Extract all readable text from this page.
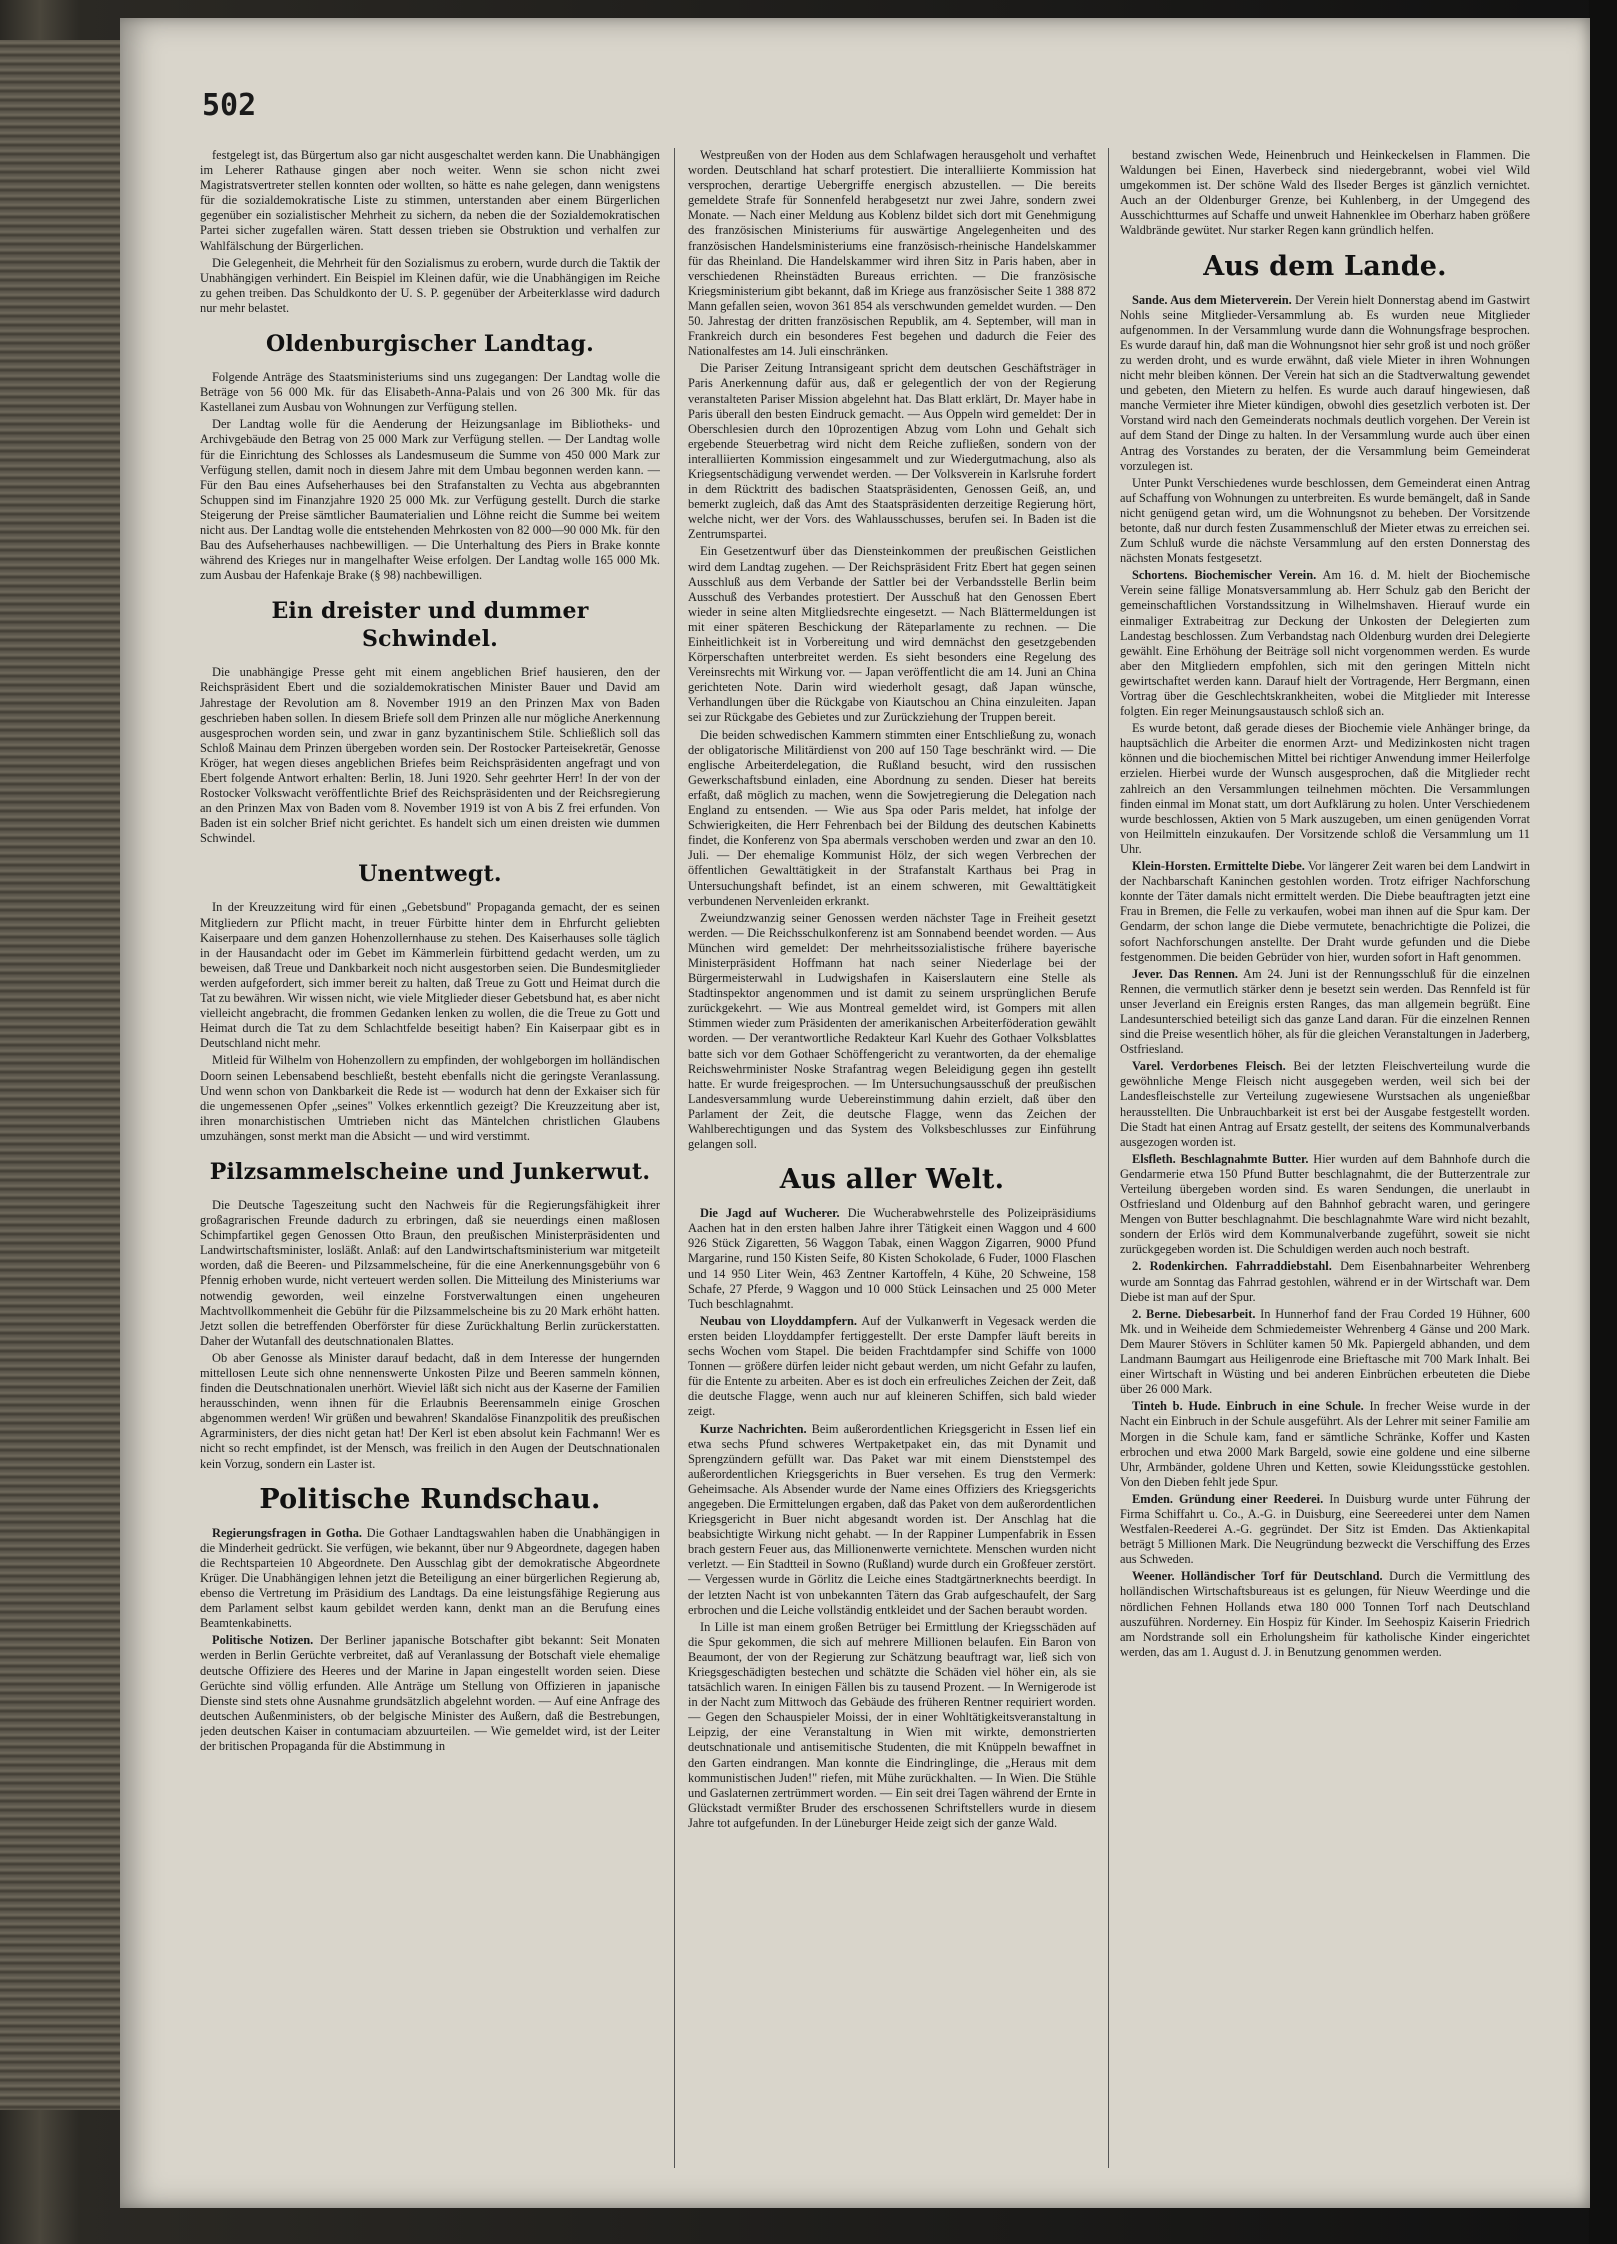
502

festgelegt ist, das Bürgertum also gar nicht ausgeschaltet werden kann. Die Unabhängigen im Leherer Rathause gingen aber noch weiter. Wenn sie schon nicht zwei Magistratsvertreter stellen konnten oder wollten, so hätte es nahe gelegen, dann wenigstens für die sozialdemokratische Liste zu stimmen, unterstanden aber einem Bürgerlichen gegenüber ein sozialistischer Mehrheit zu sichern, da neben die der Sozialdemokratischen Partei sicher zugefallen wären. Statt dessen trieben sie Obstruktion und verhalfen zur Wahlfälschung der Bürgerlichen.

Die Gelegenheit, die Mehrheit für den Sozialismus zu erobern, wurde durch die Taktik der Unabhängigen verhindert. Ein Beispiel im Kleinen dafür, wie die Unabhängigen im Reiche zu gehen treiben. Das Schuldkonto der U. S. P. gegenüber der Arbeiterklasse wird dadurch nur mehr belastet.

Oldenburgischer Landtag.

Folgende Anträge des Staatsministeriums sind uns zugegangen: Der Landtag wolle die Beträge von 56 000 Mk. für das Elisabeth-Anna-Palais und von 26 300 Mk. für das Kastellanei zum Ausbau von Wohnungen zur Verfügung stellen.

Der Landtag wolle für die Aenderung der Heizungsanlage im Bibliotheks- und Archivgebäude den Betrag von 25 000 Mark zur Verfügung stellen. — Der Landtag wolle für die Einrichtung des Schlosses als Landesmuseum die Summe von 450 000 Mark zur Verfügung stellen, damit noch in diesem Jahre mit dem Umbau begonnen werden kann. — Für den Bau eines Aufseherhauses bei den Strafanstalten zu Vechta aus abgebrannten Schuppen sind im Finanzjahre 1920 25 000 Mk. zur Verfügung gestellt. Durch die starke Steigerung der Preise sämtlicher Baumaterialien und Löhne reicht die Summe bei weitem nicht aus. Der Landtag wolle die entstehenden Mehrkosten von 82 000—90 000 Mk. für den Bau des Aufseherhauses nachbewilligen. — Die Unterhaltung des Piers in Brake konnte während des Krieges nur in mangelhafter Weise erfolgen. Der Landtag wolle 165 000 Mk. zum Ausbau der Hafenkaje Brake (§ 98) nachbewilligen.

Ein dreister und dummer Schwindel.

Die unabhängige Presse geht mit einem angeblichen Brief hausieren, den der Reichspräsident Ebert und die sozialdemokratischen Minister Bauer und David am Jahrestage der Revolution am 8. November 1919 an den Prinzen Max von Baden geschrieben haben sollen. In diesem Briefe soll dem Prinzen alle nur mögliche Anerkennung ausgesprochen worden sein, und zwar in ganz byzantinischem Stile. Schließlich soll das Schloß Mainau dem Prinzen übergeben worden sein. Der Rostocker Parteisekretär, Genosse Kröger, hat wegen dieses angeblichen Briefes beim Reichspräsidenten angefragt und von Ebert folgende Antwort erhalten: Berlin, 18. Juni 1920. Sehr geehrter Herr! In der von der Rostocker Volkswacht veröffentlichte Brief des Reichspräsidenten und der Reichsregierung an den Prinzen Max von Baden vom 8. November 1919 ist von A bis Z frei erfunden. Von Baden ist ein solcher Brief nicht gerichtet. Es handelt sich um einen dreisten wie dummen Schwindel.

Unentwegt.

In der Kreuzzeitung wird für einen „Gebetsbund" Propaganda gemacht, der es seinen Mitgliedern zur Pflicht macht, in treuer Fürbitte hinter dem in Ehrfurcht geliebten Kaiserpaare und dem ganzen Hohenzollernhause zu stehen. Des Kaiserhauses solle täglich in der Hausandacht oder im Gebet im Kämmerlein fürbittend gedacht werden, um zu beweisen, daß Treue und Dankbarkeit noch nicht ausgestorben seien. Die Bundesmitglieder werden aufgefordert, sich immer bereit zu halten, daß Treue zu Gott und Heimat durch die Tat zu bewähren. Wir wissen nicht, wie viele Mitglieder dieser Gebetsbund hat, es aber nicht vielleicht angebracht, die frommen Gedanken lenken zu wollen, die die Treue zu Gott und Heimat durch die Tat zu dem Schlachtfelde beseitigt haben? Ein Kaiserpaar gibt es in Deutschland nicht mehr.

Mitleid für Wilhelm von Hohenzollern zu empfinden, der wohlgeborgen im holländischen Doorn seinen Lebensabend beschließt, besteht ebenfalls nicht die geringste Veranlassung. Und wenn schon von Dankbarkeit die Rede ist — wodurch hat denn der Exkaiser sich für die ungemessenen Opfer „seines" Volkes erkenntlich gezeigt? Die Kreuzzeitung aber ist, ihren monarchistischen Umtrieben nicht das Mäntelchen christlichen Glaubens umzuhängen, sonst merkt man die Absicht — und wird verstimmt.

Pilzsammelscheine und Junkerwut.

Die Deutsche Tageszeitung sucht den Nachweis für die Regierungsfähigkeit ihrer großagrarischen Freunde dadurch zu erbringen, daß sie neuerdings einen maßlosen Schimpfartikel gegen Genossen Otto Braun, den preußischen Ministerpräsidenten und Landwirtschaftsminister, losläßt. Anlaß: auf den Landwirtschaftsministerium war mitgeteilt worden, daß die Beeren- und Pilzsammelscheine, für die eine Anerkennungsgebühr von 6 Pfennig erhoben wurde, nicht verteuert werden sollen. Die Mitteilung des Ministeriums war notwendig geworden, weil einzelne Forstverwaltungen einen ungeheuren Machtvollkommenheit die Gebühr für die Pilzsammelscheine bis zu 20 Mark erhöht hatten. Jetzt sollen die betreffenden Oberförster für diese Zurückhaltung Berlin zurückerstatten. Daher der Wutanfall des deutschnationalen Blattes.

Ob aber Genosse als Minister darauf bedacht, daß in dem Interesse der hungernden mittellosen Leute sich ohne nennenswerte Unkosten Pilze und Beeren sammeln können, finden die Deutschnationalen unerhört. Wieviel läßt sich nicht aus der Kaserne der Familien herausschinden, wenn ihnen für die Erlaubnis Beerensammeln einige Groschen abgenommen werden! Wir grüßen und bewahren! Skandalöse Finanzpolitik des preußischen Agrarministers, der dies nicht getan hat! Der Kerl ist eben absolut kein Fachmann! Wer es nicht so recht empfindet, ist der Mensch, was freilich in den Augen der Deutschnationalen kein Vorzug, sondern ein Laster ist.

Politische Rundschau.

Regierungsfragen in Gotha. Die Gothaer Landtagswahlen haben die Unabhängigen in die Minderheit gedrückt. Sie verfügen, wie bekannt, über nur 9 Abgeordnete, dagegen haben die Rechtsparteien 10 Abgeordnete. Den Ausschlag gibt der demokratische Abgeordnete Krüger. Die Unabhängigen lehnen jetzt die Beteiligung an einer bürgerlichen Regierung ab, ebenso die Vertretung im Präsidium des Landtags. Da eine leistungsfähige Regierung aus dem Parlament selbst kaum gebildet werden kann, denkt man an die Berufung eines Beamtenkabinetts.

Politische Notizen. Der Berliner japanische Botschafter gibt bekannt: Seit Monaten werden in Berlin Gerüchte verbreitet, daß auf Veranlassung der Botschaft viele ehemalige deutsche Offiziere des Heeres und der Marine in Japan eingestellt worden seien. Diese Gerüchte sind völlig erfunden. Alle Anträge um Stellung von Offizieren in japanische Dienste sind stets ohne Ausnahme grundsätzlich abgelehnt worden. — Auf eine Anfrage des deutschen Außenministers, ob der belgische Minister des Außern, daß die Bestrebungen, jeden deutschen Kaiser in contumaciam abzuurteilen. — Wie gemeldet wird, ist der Leiter der britischen Propaganda für die Abstimmung in

Westpreußen von der Hoden aus dem Schlafwagen herausgeholt und verhaftet worden. Deutschland hat scharf protestiert. Die interalliierte Kommission hat versprochen, derartige Uebergriffe energisch abzustellen. — Die bereits gemeldete Strafe für Sonnenfeld herabgesetzt nur zwei Jahre, sondern zwei Monate. — Nach einer Meldung aus Koblenz bildet sich dort mit Genehmigung des französischen Ministeriums für auswärtige Angelegenheiten und des französischen Handelsministeriums eine französisch-rheinische Handelskammer für das Rheinland. Die Handelskammer wird ihren Sitz in Paris haben, aber in verschiedenen Rheinstädten Bureaus errichten. — Die französische Kriegsministerium gibt bekannt, daß im Kriege aus französischer Seite 1 388 872 Mann gefallen seien, wovon 361 854 als verschwunden gemeldet wurden. — Den 50. Jahrestag der dritten französischen Republik, am 4. September, will man in Frankreich durch ein besonderes Fest begehen und dadurch die Feier des Nationalfestes am 14. Juli einschränken.

Die Pariser Zeitung Intransigeant spricht dem deutschen Geschäftsträger in Paris Anerkennung dafür aus, daß er gelegentlich der von der Regierung veranstalteten Pariser Mission abgelehnt hat. Das Blatt erklärt, Dr. Mayer habe in Paris überall den besten Eindruck gemacht. — Aus Oppeln wird gemeldet: Der in Oberschlesien durch den 10prozentigen Abzug vom Lohn und Gehalt sich ergebende Steuerbetrag wird nicht dem Reiche zufließen, sondern von der interalliierten Kommission eingesammelt und zur Wiedergutmachung, also als Kriegsentschädigung verwendet werden. — Der Volksverein in Karlsruhe fordert in dem Rücktritt des badischen Staatspräsidenten, Genossen Geiß, an, und bemerkt zugleich, daß das Amt des Staatspräsidenten derzeitige Regierung hört, welche nicht, wer der Vors. des Wahlausschusses, berufen sei. In Baden ist die Zentrumspartei.

Ein Gesetzentwurf über das Diensteinkommen der preußischen Geistlichen wird dem Landtag zugehen. — Der Reichspräsident Fritz Ebert hat gegen seinen Ausschluß aus dem Verbande der Sattler bei der Verbandsstelle Berlin beim Ausschuß des Verbandes protestiert. Der Ausschuß hat den Genossen Ebert wieder in seine alten Mitgliedsrechte eingesetzt. — Nach Blättermeldungen ist mit einer späteren Beschickung der Räteparlamente zu rechnen. — Die Einheitlichkeit ist in Vorbereitung und wird demnächst den gesetzgebenden Körperschaften unterbreitet werden. Es sieht besonders eine Regelung des Vereinsrechts mit Wirkung vor. — Japan veröffentlicht die am 14. Juni an China gerichteten Note. Darin wird wiederholt gesagt, daß Japan wünsche, Verhandlungen über die Rückgabe von Kiautschou an China einzuleiten. Japan sei zur Rückgabe des Gebietes und zur Zurückziehung der Truppen bereit.

Die beiden schwedischen Kammern stimmten einer Entschließung zu, wonach der obligatorische Militärdienst von 200 auf 150 Tage beschränkt wird. — Die englische Arbeiterdelegation, die Rußland besucht, wird den russischen Gewerkschaftsbund einladen, eine Abordnung zu senden. Dieser hat bereits erfaßt, daß möglich zu machen, wenn die Sowjetregierung die Delegation nach England zu entsenden. — Wie aus Spa oder Paris meldet, hat infolge der Schwierigkeiten, die Herr Fehrenbach bei der Bildung des deutschen Kabinetts findet, die Konferenz von Spa abermals verschoben werden und zwar an den 10. Juli. — Der ehemalige Kommunist Hölz, der sich wegen Verbrechen der öffentlichen Gewalttätigkeit in der Strafanstalt Karthaus bei Prag in Untersuchungshaft befindet, ist an einem schweren, mit Gewalttätigkeit verbundenen Nervenleiden erkrankt.

Zweiundzwanzig seiner Genossen werden nächster Tage in Freiheit gesetzt werden. — Die Reichsschulkonferenz ist am Sonnabend beendet worden. — Aus München wird gemeldet: Der mehrheitssozialistische frühere bayerische Ministerpräsident Hoffmann hat nach seiner Niederlage bei der Bürgermeisterwahl in Ludwigshafen in Kaiserslautern eine Stelle als Stadtinspektor angenommen und ist damit zu seinem ursprünglichen Berufe zurückgekehrt. — Wie aus Montreal gemeldet wird, ist Gompers mit allen Stimmen wieder zum Präsidenten der amerikanischen Arbeiterföderation gewählt worden. — Der verantwortliche Redakteur Karl Kuehr des Gothaer Volksblattes batte sich vor dem Gothaer Schöffengericht zu verantworten, da der ehemalige Reichswehrminister Noske Strafantrag wegen Beleidigung gegen ihn gestellt hatte. Er wurde freigesprochen. — Im Untersuchungsausschuß der preußischen Landesversammlung wurde Uebereinstimmung dahin erzielt, daß über den Parlament der Zeit, die deutsche Flagge, wenn das Zeichen der Wahlberechtigungen und das System des Volksbeschlusses zur Einführung gelangen soll.

Aus aller Welt.

Die Jagd auf Wucherer. Die Wucherabwehrstelle des Polizeipräsidiums Aachen hat in den ersten halben Jahre ihrer Tätigkeit einen Waggon und 4 600 926 Stück Zigaretten, 56 Waggon Tabak, einen Waggon Zigarren, 9000 Pfund Margarine, rund 150 Kisten Seife, 80 Kisten Schokolade, 6 Fuder, 1000 Flaschen und 14 950 Liter Wein, 463 Zentner Kartoffeln, 4 Kühe, 20 Schweine, 158 Schafe, 27 Pferde, 9 Waggon und 10 000 Stück Leinsachen und 25 000 Meter Tuch beschlagnahmt.

Neubau von Lloyddampfern. Auf der Vulkanwerft in Vegesack werden die ersten beiden Lloyddampfer fertiggestellt. Der erste Dampfer läuft bereits in sechs Wochen vom Stapel. Die beiden Frachtdampfer sind Schiffe von 1000 Tonnen — größere dürfen leider nicht gebaut werden, um nicht Gefahr zu laufen, für die Entente zu arbeiten. Aber es ist doch ein erfreuliches Zeichen der Zeit, daß die deutsche Flagge, wenn auch nur auf kleineren Schiffen, sich bald wieder zeigt.

Kurze Nachrichten. Beim außerordentlichen Kriegsgericht in Essen lief ein etwa sechs Pfund schweres Wertpaketpaket ein, das mit Dynamit und Sprengzündern gefüllt war. Das Paket war mit einem Dienststempel des außerordentlichen Kriegsgerichts in Buer versehen. Es trug den Vermerk: Geheimsache. Als Absender wurde der Name eines Offiziers des Kriegsgerichts angegeben. Die Ermittelungen ergaben, daß das Paket von dem außerordentlichen Kriegsgericht in Buer nicht abgesandt worden ist. Der Anschlag hat die beabsichtigte Wirkung nicht gehabt. — In der Rappiner Lumpenfabrik in Essen brach gestern Feuer aus, das Millionenwerte vernichtete. Menschen wurden nicht verletzt. — Ein Stadtteil in Sowno (Rußland) wurde durch ein Großfeuer zerstört. — Vergessen wurde in Görlitz die Leiche eines Stadtgärtnerknechts beerdigt. In der letzten Nacht ist von unbekannten Tätern das Grab aufgeschaufelt, der Sarg erbrochen und die Leiche vollständig entkleidet und der Sachen beraubt worden.

In Lille ist man einem großen Betrüger bei Ermittlung der Kriegsschäden auf die Spur gekommen, die sich auf mehrere Millionen belaufen. Ein Baron von Beaumont, der von der Regierung zur Schätzung beauftragt war, ließ sich von Kriegsgeschädigten bestechen und schätzte die Schäden viel höher ein, als sie tatsächlich waren. In einigen Fällen bis zu tausend Prozent. — In Wernigerode ist in der Nacht zum Mittwoch das Gebäude des früheren Rentner requiriert worden. — Gegen den Schauspieler Moissi, der in einer Wohltätigkeitsveranstaltung in Leipzig, der eine Veranstaltung in Wien mit wirkte, demonstrierten deutschnationale und antisemitische Studenten, die mit Knüppeln bewaffnet in den Garten eindrangen. Man konnte die Eindringlinge, die „Heraus mit dem kommunistischen Juden!" riefen, mit Mühe zurückhalten. — In Wien. Die Stühle und Gaslaternen zertrümmert worden. — Ein seit drei Tagen während der Ernte in Glückstadt vermißter Bruder des erschossenen Schriftstellers wurde in diesem Jahre tot aufgefunden. In der Lüneburger Heide zeigt sich der ganze Wald.

bestand zwischen Wede, Heinenbruch und Heinkeckelsen in Flammen. Die Waldungen bei Einen, Haverbeck sind niedergebrannt, wobei viel Wild umgekommen ist. Der schöne Wald des Ilseder Berges ist gänzlich vernichtet. Auch an der Oldenburger Grenze, bei Kuhlenberg, in der Umgegend des Ausschichtturmes auf Schaffe und unweit Hahnenklee im Oberharz haben größere Waldbrände gewütet. Nur starker Regen kann gründlich helfen.

Aus dem Lande.

Sande. Aus dem Mieterverein. Der Verein hielt Donnerstag abend im Gastwirt Nohls seine Mitglieder-Versammlung ab. Es wurden neue Mitglieder aufgenommen. In der Versammlung wurde dann die Wohnungsfrage besprochen. Es wurde darauf hin, daß man die Wohnungsnot hier sehr groß ist und noch größer zu werden droht, und es wurde erwähnt, daß viele Mieter in ihren Wohnungen nicht mehr bleiben können. Der Verein hat sich an die Stadtverwaltung gewendet und gebeten, den Mietern zu helfen. Es wurde auch darauf hingewiesen, daß manche Vermieter ihre Mieter kündigen, obwohl dies gesetzlich verboten ist. Der Vorstand wird nach den Gemeinderats nochmals deutlich vorgehen. Der Verein ist auf dem Stand der Dinge zu halten. In der Versammlung wurde auch über einen Antrag des Vorstandes zu beraten, der die Versammlung beim Gemeinderat vorzulegen ist.

Unter Punkt Verschiedenes wurde beschlossen, dem Gemeinderat einen Antrag auf Schaffung von Wohnungen zu unterbreiten. Es wurde bemängelt, daß in Sande nicht genügend getan wird, um die Wohnungsnot zu beheben. Der Vorsitzende betonte, daß nur durch festen Zusammenschluß der Mieter etwas zu erreichen sei. Zum Schluß wurde die nächste Versammlung auf den ersten Donnerstag des nächsten Monats festgesetzt.

Schortens. Biochemischer Verein. Am 16. d. M. hielt der Biochemische Verein seine fällige Monatsversammlung ab. Herr Schulz gab den Bericht der gemeinschaftlichen Vorstandssitzung in Wilhelmshaven. Hierauf wurde ein einmaliger Extrabeitrag zur Deckung der Unkosten der Delegierten zum Landestag beschlossen. Zum Verbandstag nach Oldenburg wurden drei Delegierte gewählt. Eine Erhöhung der Beiträge soll nicht vorgenommen werden. Es wurde aber den Mitgliedern empfohlen, sich mit den geringen Mitteln nicht gewirtschaftet werden kann. Darauf hielt der Vortragende, Herr Bergmann, einen Vortrag über die Geschlechtskrankheiten, wobei die Mitglieder mit Interesse folgten. Ein reger Meinungsaustausch schloß sich an.

Es wurde betont, daß gerade dieses der Biochemie viele Anhänger bringe, da hauptsächlich die Arbeiter die enormen Arzt- und Medizinkosten nicht tragen können und die biochemischen Mittel bei richtiger Anwendung immer Heilerfolge erzielen. Hierbei wurde der Wunsch ausgesprochen, daß die Mitglieder recht zahlreich an den Versammlungen teilnehmen möchten. Die Versammlungen finden einmal im Monat statt, um dort Aufklärung zu holen. Unter Verschiedenem wurde beschlossen, Aktien von 5 Mark auszugeben, um einen genügenden Vorrat von Heilmitteln einzukaufen. Der Vorsitzende schloß die Versammlung um 11 Uhr.

Klein-Horsten. Ermittelte Diebe. Vor längerer Zeit waren bei dem Landwirt in der Nachbarschaft Kaninchen gestohlen worden. Trotz eifriger Nachforschung konnte der Täter damals nicht ermittelt werden. Die Diebe beauftragten jetzt eine Frau in Bremen, die Felle zu verkaufen, wobei man ihnen auf die Spur kam. Der Gendarm, der schon lange die Diebe vermutete, benachrichtigte die Polizei, die sofort Nachforschungen anstellte. Der Draht wurde gefunden und die Diebe festgenommen. Die beiden Gebrüder von hier, wurden sofort in Haft genommen.

Jever. Das Rennen. Am 24. Juni ist der Rennungsschluß für die einzelnen Rennen, die vermutlich stärker denn je besetzt sein werden. Das Rennfeld ist für unser Jeverland ein Ereignis ersten Ranges, das man allgemein begrüßt. Eine Landesunterschied beteiligt sich das ganze Land daran. Für die einzelnen Rennen sind die Preise wesentlich höher, als für die gleichen Veranstaltungen in Jaderberg, Ostfriesland.

Varel. Verdorbenes Fleisch. Bei der letzten Fleischverteilung wurde die gewöhnliche Menge Fleisch nicht ausgegeben werden, weil sich bei der Landesfleischstelle zur Verteilung zugewiesene Wurstsachen als ungenießbar herausstellten. Die Unbrauchbarkeit ist erst bei der Ausgabe festgestellt worden. Die Stadt hat einen Antrag auf Ersatz gestellt, der seitens des Kommunalverbands ausgezogen worden ist.

Elsfleth. Beschlagnahmte Butter. Hier wurden auf dem Bahnhofe durch die Gendarmerie etwa 150 Pfund Butter beschlagnahmt, die der Butterzentrale zur Verteilung übergeben worden sind. Es waren Sendungen, die unerlaubt in Ostfriesland und Oldenburg auf den Bahnhof gebracht waren, und geringere Mengen von Butter beschlagnahmt. Die beschlagnahmte Ware wird nicht bezahlt, sondern der Erlös wird dem Kommunalverbande zugeführt, soweit sie nicht zurückgegeben worden ist. Die Schuldigen werden auch noch bestraft.

2. Rodenkirchen. Fahrraddiebstahl. Dem Eisenbahnarbeiter Wehrenberg wurde am Sonntag das Fahrrad gestohlen, während er in der Wirtschaft war. Dem Diebe ist man auf der Spur.

2. Berne. Diebesarbeit. In Hunnerhof fand der Frau Corded 19 Hühner, 600 Mk. und in Weiheide dem Schmiedemeister Wehrenberg 4 Gänse und 200 Mark. Dem Maurer Stövers in Schlüter kamen 50 Mk. Papiergeld abhanden, und dem Landmann Baumgart aus Heiligenrode eine Brieftasche mit 700 Mark Inhalt. Bei einer Wirtschaft in Wüsting und bei anderen Einbrüchen erbeuteten die Diebe über 26 000 Mark.

Tinteh b. Hude. Einbruch in eine Schule. In frecher Weise wurde in der Nacht ein Einbruch in der Schule ausgeführt. Als der Lehrer mit seiner Familie am Morgen in die Schule kam, fand er sämtliche Schränke, Koffer und Kasten erbrochen und etwa 2000 Mark Bargeld, sowie eine goldene und eine silberne Uhr, Armbänder, goldene Uhren und Ketten, sowie Kleidungsstücke gestohlen. Von den Dieben fehlt jede Spur.

Emden. Gründung einer Reederei. In Duisburg wurde unter Führung der Firma Schiffahrt u. Co., A.-G. in Duisburg, eine Seereederei unter dem Namen Westfalen-Reederei A.-G. gegründet. Der Sitz ist Emden. Das Aktienkapital beträgt 5 Millionen Mark. Die Neugründung bezweckt die Verschiffung des Erzes aus Schweden.

Weener. Holländischer Torf für Deutschland. Durch die Vermittlung des holländischen Wirtschaftsbureaus ist es gelungen, für Nieuw Weerdinge und die nördlichen Fehnen Hollands etwa 180 000 Tonnen Torf nach Deutschland auszuführen. Norderney. Ein Hospiz für Kinder. Im Seehospiz Kaiserin Friedrich am Nordstrande soll ein Erholungsheim für katholische Kinder eingerichtet werden, das am 1. August d. J. in Benutzung genommen werden.
